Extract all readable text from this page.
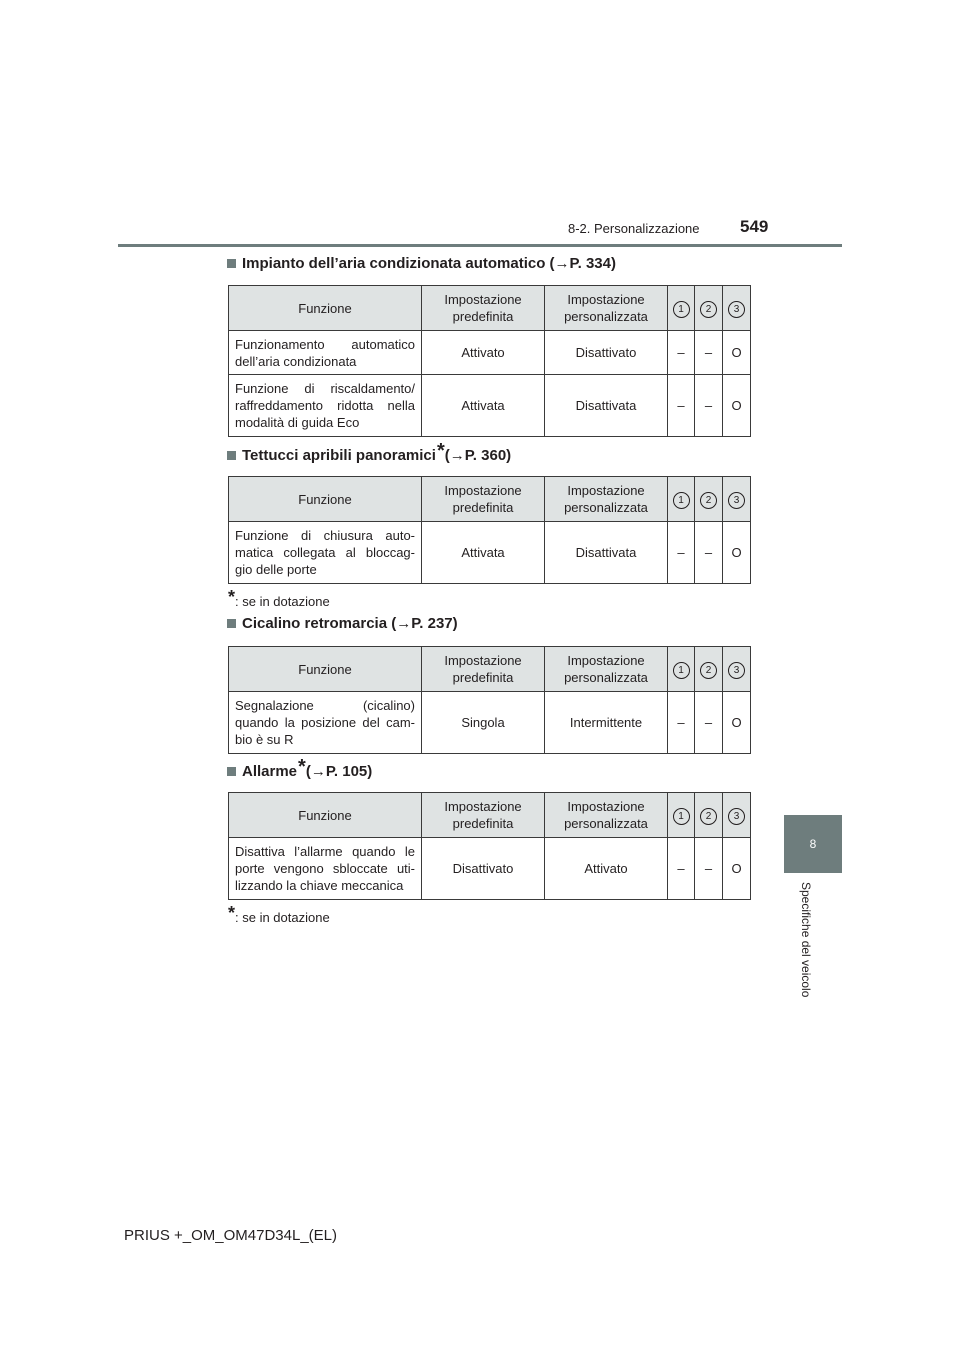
8-2. Personalizzazione 549
8
Specifiche del veicolo
Impianto dell’aria condizionata automatico (→P. 334)
Funzione	Impostazione predefinita	Impostazione personalizzata	1	2	3
Funzionamento automatico dell’aria condizionata	Attivato	Disattivato	–	–	O
Funzione di riscaldamento/ raffreddamento ridotta nella modalità di guida Eco	Attivata	Disattivata	–	–	O
Tettucci apribili panoramici * (→P. 360)
Funzione	Impostazione predefinita	Impostazione personalizzata	1	2	3
Funzione di chiusura auto- matica collegata al bloccag- gio delle porte	Attivata	Disattivata	–	–	O
*: se in dotazione
Cicalino retromarcia (→P. 237)
Funzione	Impostazione predefinita	Impostazione personalizzata	1	2	3
Segnalazione (cicalino) quando la posizione del cam- bio è su R	Singola	Intermittente	–	–	O
Allarme * (→P. 105)
Funzione	Impostazione predefinita	Impostazione personalizzata	1	2	3
Disattiva l’allarme quando le porte vengono sbloccate uti- lizzando la chiave meccanica	Disattivato	Attivato	–	–	O
*: se in dotazione
PRIUS +_OM_OM47D34L_(EL)
